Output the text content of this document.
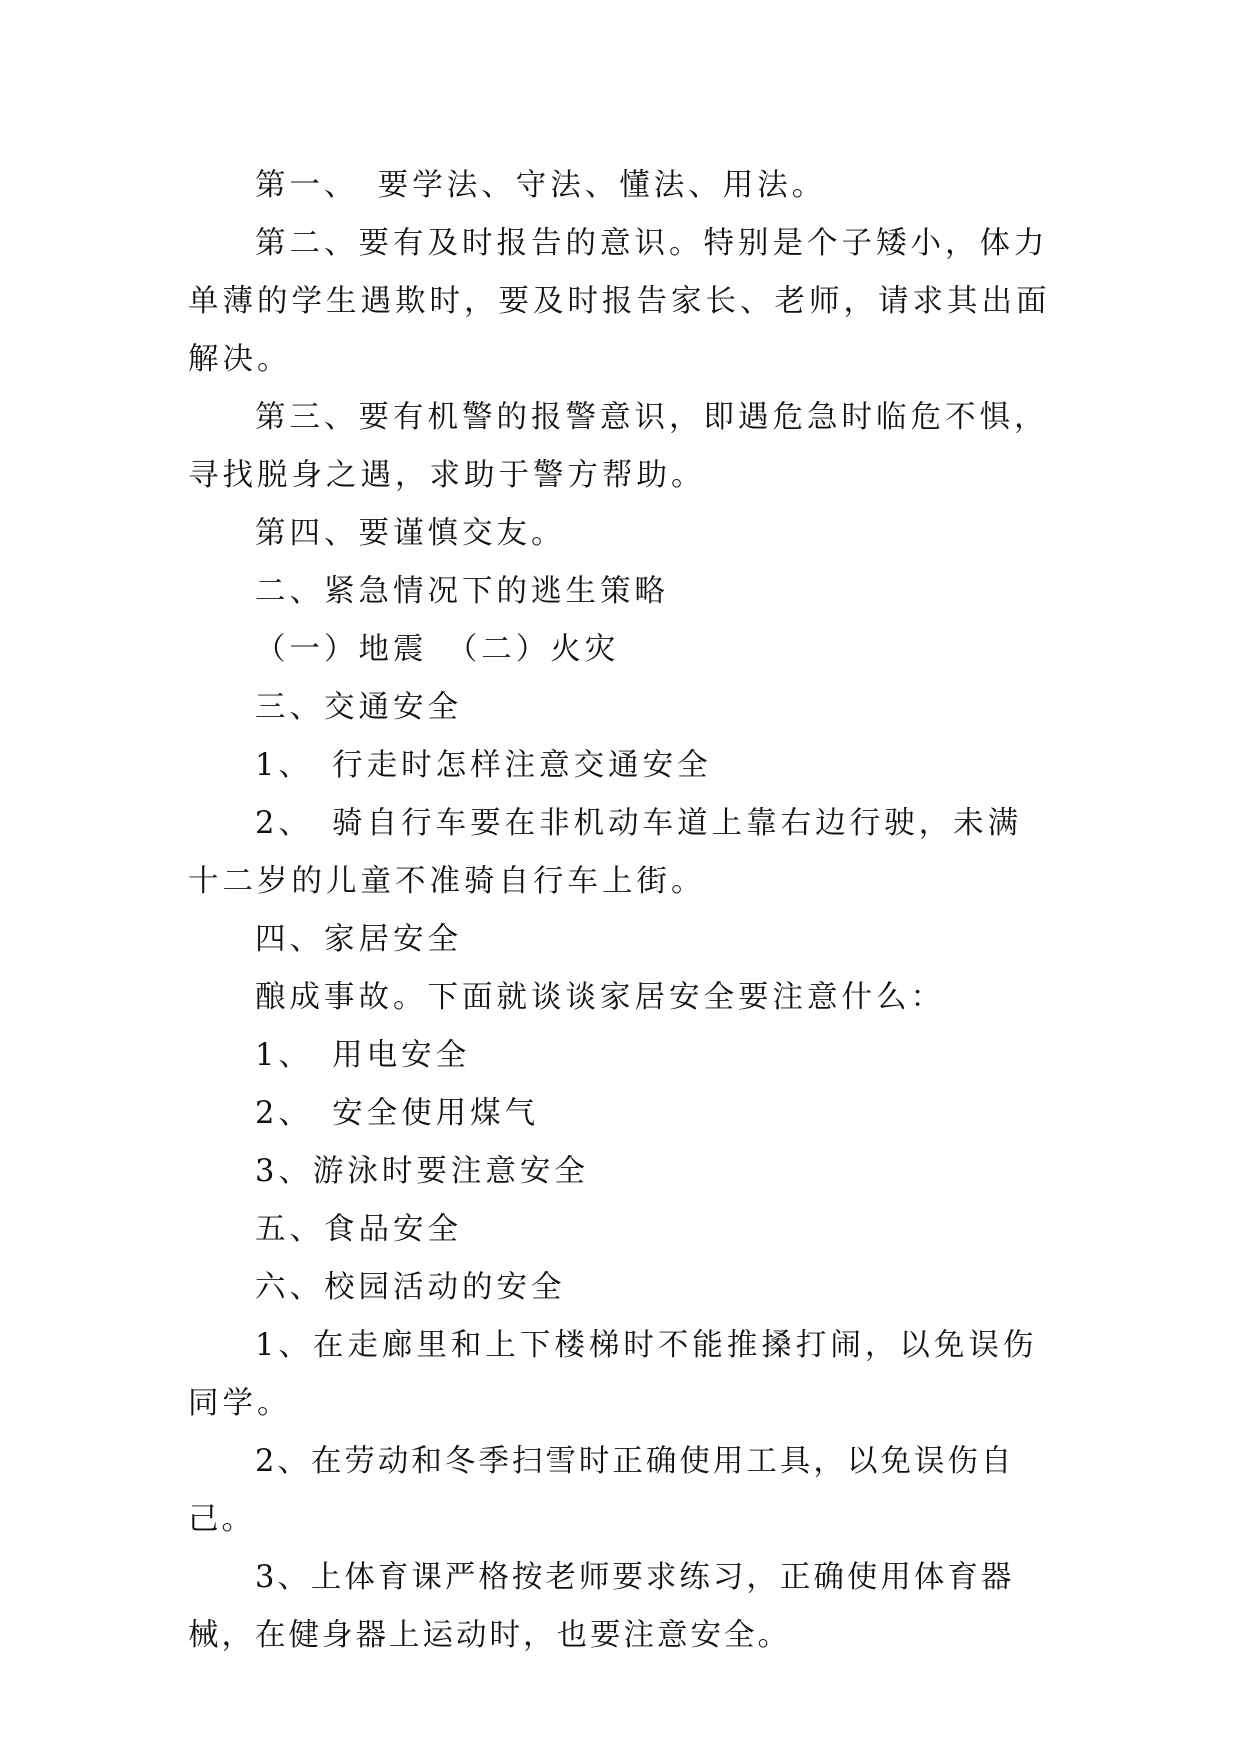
第一、　要学法、守法、懂法、用法。

第二、要有及时报告的意识。特别是个子矮小，体力单薄的学生遇欺时，要及时报告家长、老师，请求其出面解决。

第三、要有机警的报警意识，即遇危急时临危不惧，寻找脱身之遇，求助于警方帮助。

第四、要谨慎交友。

二、紧急情况下的逃生策略

（一）地震　（二）火灾

三、交通安全

1、　行走时怎样注意交通安全

2、　骑自行车要在非机动车道上靠右边行驶，未满十二岁的儿童不准骑自行车上街。

四、家居安全

酿成事故。下面就谈谈家居安全要注意什么：

1、　用电安全

2、　安全使用煤气

3、游泳时要注意安全

五、食品安全

六、校园活动的安全

1、在走廊里和上下楼梯时不能推搡打闹，以免误伤同学。

2、在劳动和冬季扫雪时正确使用工具，以免误伤自己。

3、上体育课严格按老师要求练习，正确使用体育器械，在健身器上运动时，也要注意安全。
